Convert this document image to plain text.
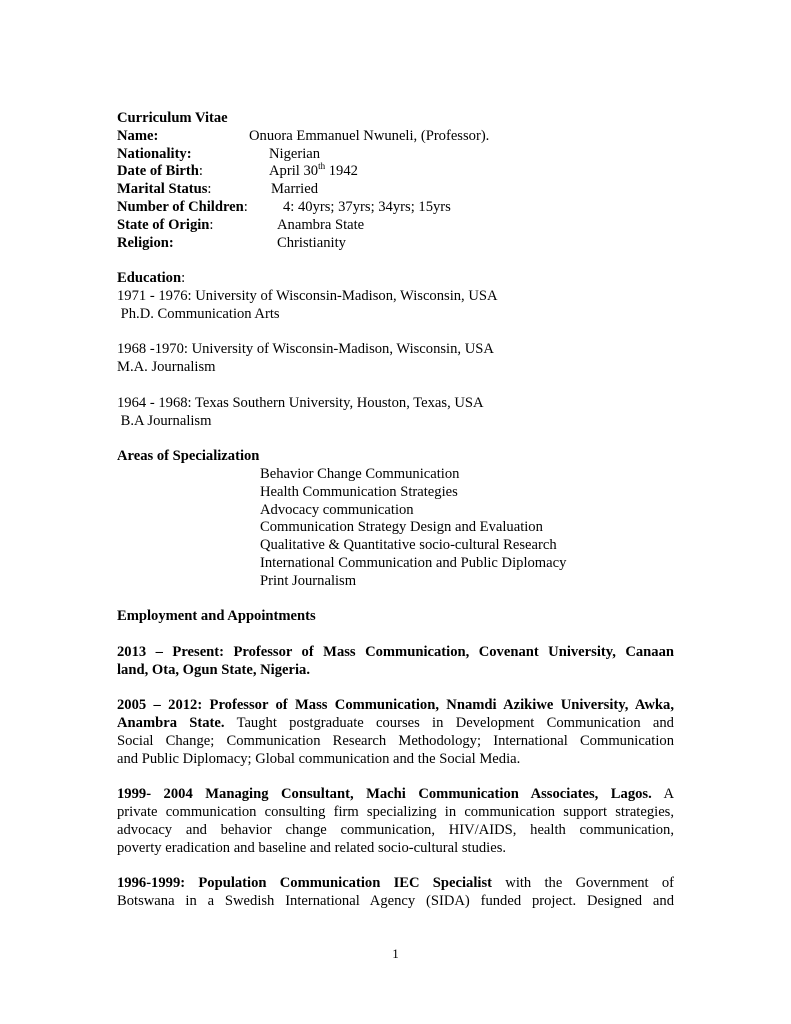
Curriculum Vitae
Name:	Onuora Emmanuel Nwuneli, (Professor).
Nationality:	Nigerian
Date of Birth:	April 30th 1942
Marital Status:	Married
Number of Children: 4: 40yrs; 37yrs; 34yrs; 15yrs
State of Origin:	Anambra State
Religion:	Christianity
Education:
1971 - 1976: University of Wisconsin-Madison, Wisconsin, USA
Ph.D. Communication Arts
1968 -1970: University of Wisconsin-Madison, Wisconsin, USA
M.A. Journalism
1964 - 1968: Texas Southern University, Houston, Texas, USA
B.A Journalism
Areas of Specialization
Behavior Change Communication
Health Communication Strategies
Advocacy communication
Communication Strategy Design and Evaluation
Qualitative & Quantitative socio-cultural Research
International Communication and Public Diplomacy
Print Journalism
Employment and Appointments
2013 – Present: Professor of Mass Communication, Covenant University, Canaan
land, Ota, Ogun State, Nigeria.
2005 – 2012: Professor of Mass Communication, Nnamdi Azikiwe University, Awka,
Anambra State. Taught postgraduate courses in Development Communication and
Social Change; Communication Research Methodology; International Communication
and Public Diplomacy; Global communication and the Social Media.
1999- 2004 Managing Consultant, Machi Communication Associates, Lagos. A
private communication consulting firm specializing in communication support strategies,
advocacy and behavior change communication, HIV/AIDS, health communication,
poverty eradication and baseline and related socio-cultural studies.
1996-1999: Population Communication IEC Specialist with the Government of
Botswana in a Swedish International Agency (SIDA) funded project. Designed and
1
